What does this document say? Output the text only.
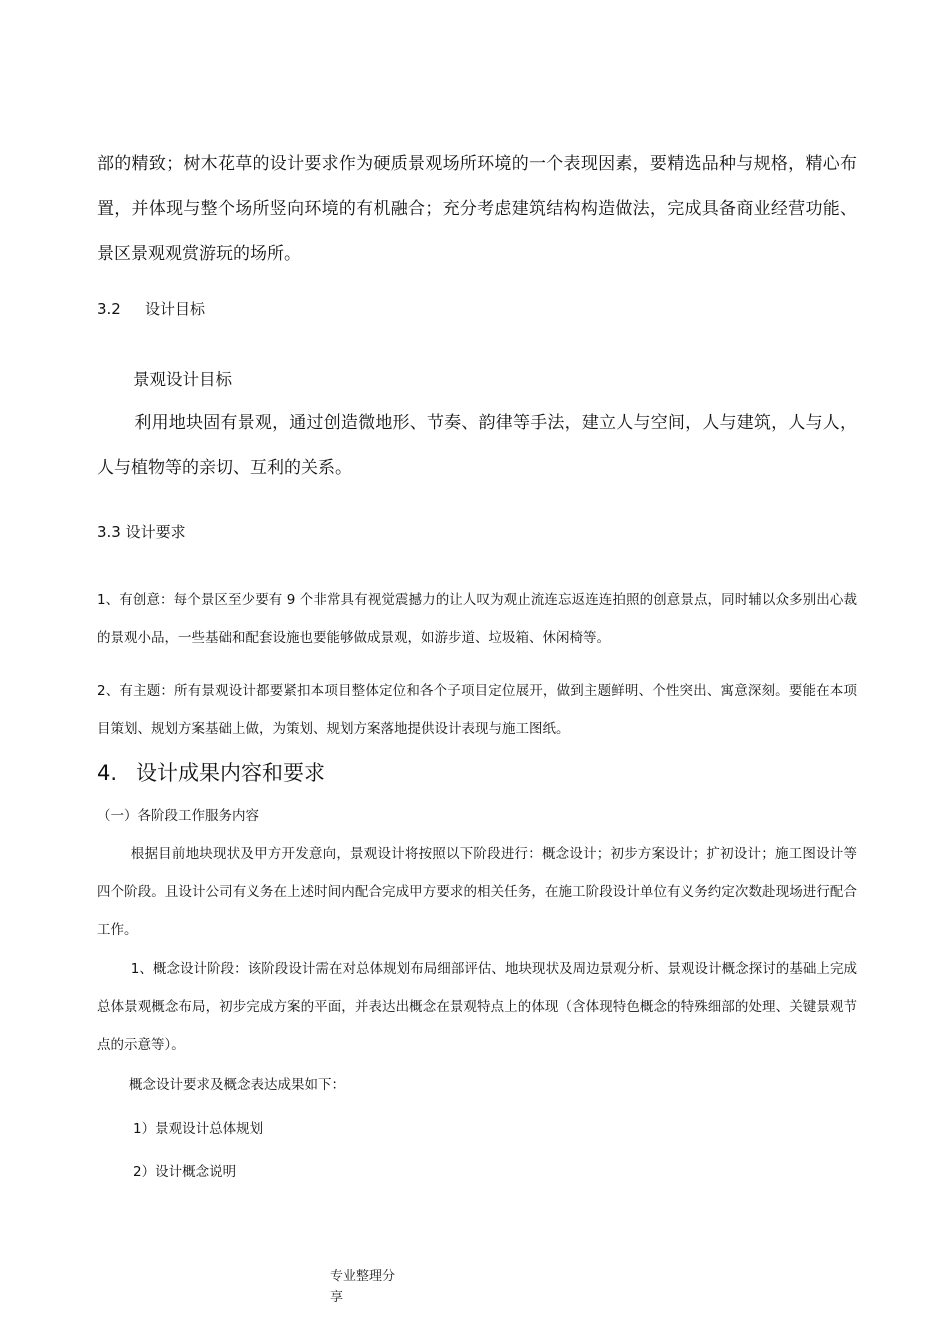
部的精致；树木花草的设计要求作为硬质景观场所环境的一个表现因素，要精选品种与规格，精心布置，并体现与整个场所竖向环境的有机融合；充分考虑建筑结构构造做法，完成具备商业经营功能、景区景观观赏游玩的场所。

3.2 设计目标
景观设计目标

利用地块固有景观，通过创造微地形、节奏、韵律等手法，建立人与空间，人与建筑，人与人，人与植物等的亲切、互利的关系。

3.3 设计要求

1、有创意：每个景区至少要有 9 个非常具有视觉震撼力的让人叹为观止流连忘返连连拍照的创意景点，同时辅以众多别出心裁的景观小品，一些基础和配套设施也要能够做成景观，如游步道、垃圾箱、休闲椅等。

2、有主题：所有景观设计都要紧扣本项目整体定位和各个子项目定位展开，做到主题鲜明、个性突出、寓意深刻。要能在本项目策划、规划方案基础上做，为策划、规划方案落地提供设计表现与施工图纸。

4. 设计成果内容和要求
（一）各阶段工作服务内容

根据目前地块现状及甲方开发意向，景观设计将按照以下阶段进行：概念设计；初步方案设计；扩初设计；施工图设计等四个阶段。且设计公司有义务在上述时间内配合完成甲方要求的相关任务，在施工阶段设计单位有义务约定次数赴现场进行配合工作。

1、概念设计阶段：该阶段设计需在对总体规划布局细部评估、地块现状及周边景观分析、景观设计概念探讨的基础上完成总体景观概念布局，初步完成方案的平面，并表达出概念在景观特点上的体现（含体现特色概念的特殊细部的处理、关键景观节点的示意等）。

概念设计要求及概念表达成果如下：
1）景观设计总体规划
2）设计概念说明
专业整理分
享
